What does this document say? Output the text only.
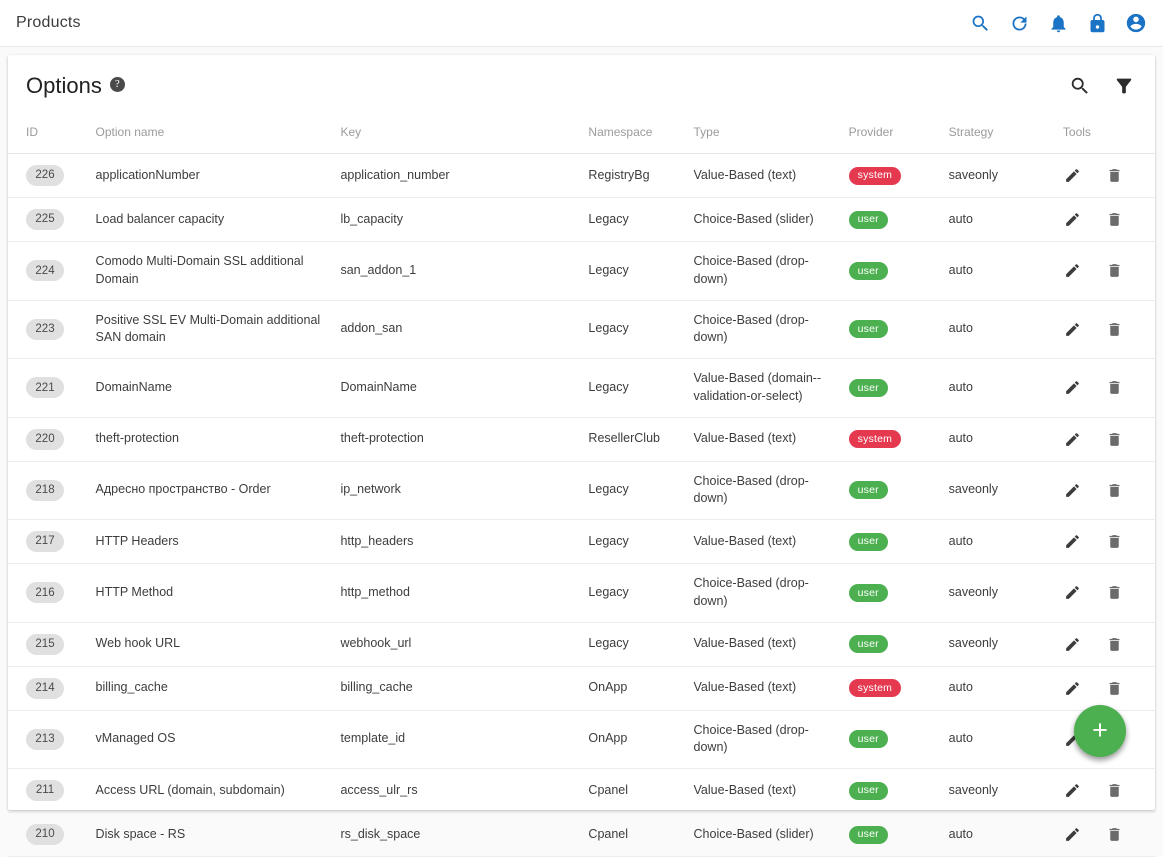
Products
Options ?
ID	Option name	Key	Namespace	Type	Provider	Strategy	Tools
226	applicationNumber	application_number	RegistryBg	Value-Based (text)	system	saveonly	

225	Load balancer capacity	lb_capacity	Legacy	Choice-Based (slider)	user	auto	

224	Comodo Multi-Domain SSL additional Domain	san_addon_1	Legacy	Choice-Based (drop-down)	user	auto	

223	Positive SSL EV Multi-Domain additional SAN domain	addon_san	Legacy	Choice-Based (drop-down)	user	auto	

221	DomainName	DomainName	Legacy	Value-Based (domain--validation-or-select)	user	auto	

220	theft-protection	theft-protection	ResellerClub	Value-Based (text)	system	auto	

218	Адресно пространство - Order	ip_network	Legacy	Choice-Based (drop-down)	user	saveonly	

217	HTTP Headers	http_headers	Legacy	Value-Based (text)	user	auto	

216	HTTP Method	http_method	Legacy	Choice-Based (drop-down)	user	saveonly	

215	Web hook URL	webhook_url	Legacy	Value-Based (text)	user	saveonly	

214	billing_cache	billing_cache	OnApp	Value-Based (text)	system	auto	

213	vManaged OS	template_id	OnApp	Choice-Based (drop-down)	user	auto	

211	Access URL (domain, subdomain)	access_ulr_rs	Cpanel	Value-Based (text)	user	saveonly	

210	Disk space - RS	rs_disk_space	Cpanel	Choice-Based (slider)	user	auto	
+
